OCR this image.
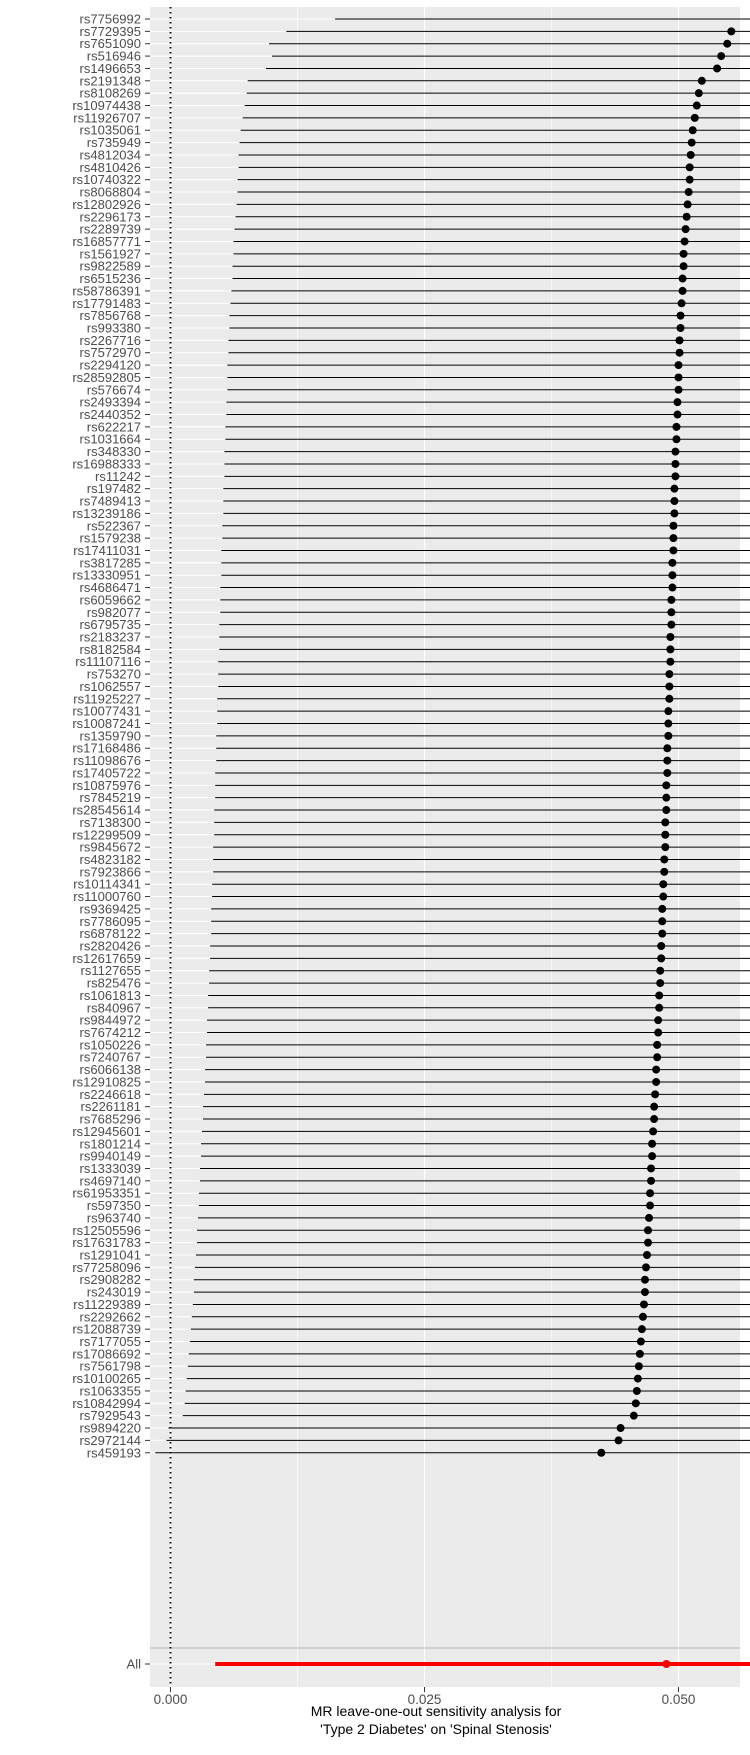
rs7756992
rs7729395
rs7651090
rs516946
rs1496653
rs2191348
rs8108269
rs10974438
rs11926707
rs1035061
rs735949
rs4812034
rs4810426
rs10740322
rs8068804
rs12802926
rs2296173
rs2289739
rs16857771
rs1561927
rs9822589
rs6515236
rs58786391
rs17791483
rs7856768
rs993380
rs2267716
rs7572970
rs2294120
rs28592805
rs576674
rs2493394
rs2440352
rs622217
rs1031664
rs348330
rs16988333
rs11242
rs197482
rs7489413
rs13239186
rs522367
rs1579238
rs17411031
rs3817285
rs13330951
rs4686471
rs6059662
rs982077
rs6795735
rs2183237
rs8182584
rs11107116
rs753270
rs1062557
rs11925227
rs10077431
rs10087241
rs1359790
rs17168486
rs11098676
rs17405722
rs10875976
rs7845219
rs28545614
rs7138300
rs12299509
rs9845672
rs4823182
rs7923866
rs10114341
rs11000760
rs9369425
rs7786095
rs6878122
rs2820426
rs12617659
rs1127655
rs825476
rs1061813
rs840967
rs9844972
rs7674212
rs1050226
rs7240767
rs6066138
rs12910825
rs2246618
rs2261181
rs7685296
rs12945601
rs1801214
rs9940149
rs1333039
rs4697140
rs61953351
rs597350
rs963740
rs12505596
rs17631783
rs1291041
rs77258096
rs2908282
rs243019
rs11229389
rs2292662
rs12088739
rs7177055
rs17086692
rs7561798
rs10100265
rs1063355
rs10842994
rs7929543
rs9894220
rs2972144
rs459193
All
0.000	0.025	0.050
MR leave-one-out sensitivity analysis for
'Type 2 Diabetes' on 'Spinal Stenosis'
